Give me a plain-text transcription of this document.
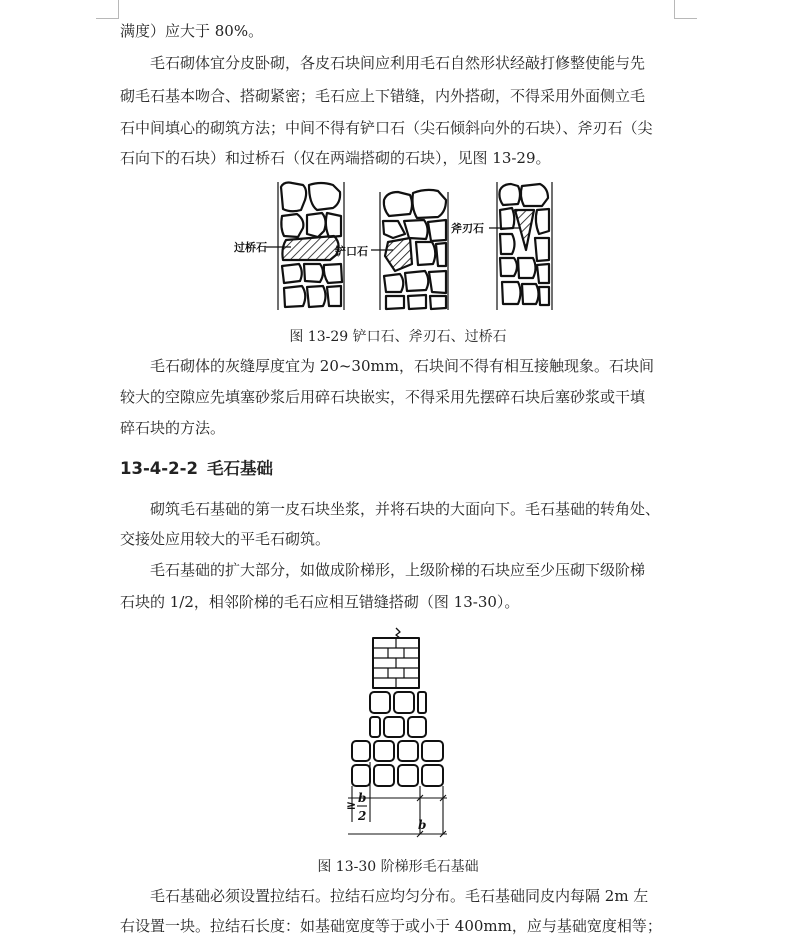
满度）应大于 80%。

毛石砌体宜分皮卧砌，各皮石块间应利用毛石自然形状经敲打修整使能与先

砌毛石基本吻合、搭砌紧密；毛石应上下错缝，内外搭砌，不得采用外面侧立毛

石中间填心的砌筑方法；中间不得有铲口石（尖石倾斜向外的石块）、斧刃石（尖

石向下的石块）和过桥石（仅在两端搭砌的石块），见图 13-29。

过桥石	铲口石
斧刃石

图 13-29 铲口石、斧刃石、过桥石

毛石砌体的灰缝厚度宜为 20~30mm，石块间不得有相互接触现象。石块间

较大的空隙应先填塞砂浆后用碎石块嵌实，不得采用先摆碎石块后塞砂浆或干填

碎石块的方法。

13-4-2-2 毛石基础

砌筑毛石基础的第一皮石块坐浆，并将石块的大面向下。毛石基础的转角处、

交接处应用较大的平毛石砌筑。

毛石基础的扩大部分，如做成阶梯形，上级阶梯的石块应至少压砌下级阶梯

石块的 1/2，相邻阶梯的毛石应相互错缝搭砌（图 13-30）。

≥ b
2
b

图 13-30 阶梯形毛石基础

毛石基础必须设置拉结石。拉结石应均匀分布。毛石基础同皮内每隔 2m 左

右设置一块。拉结石长度：如基础宽度等于或小于 400mm，应与基础宽度相等；
